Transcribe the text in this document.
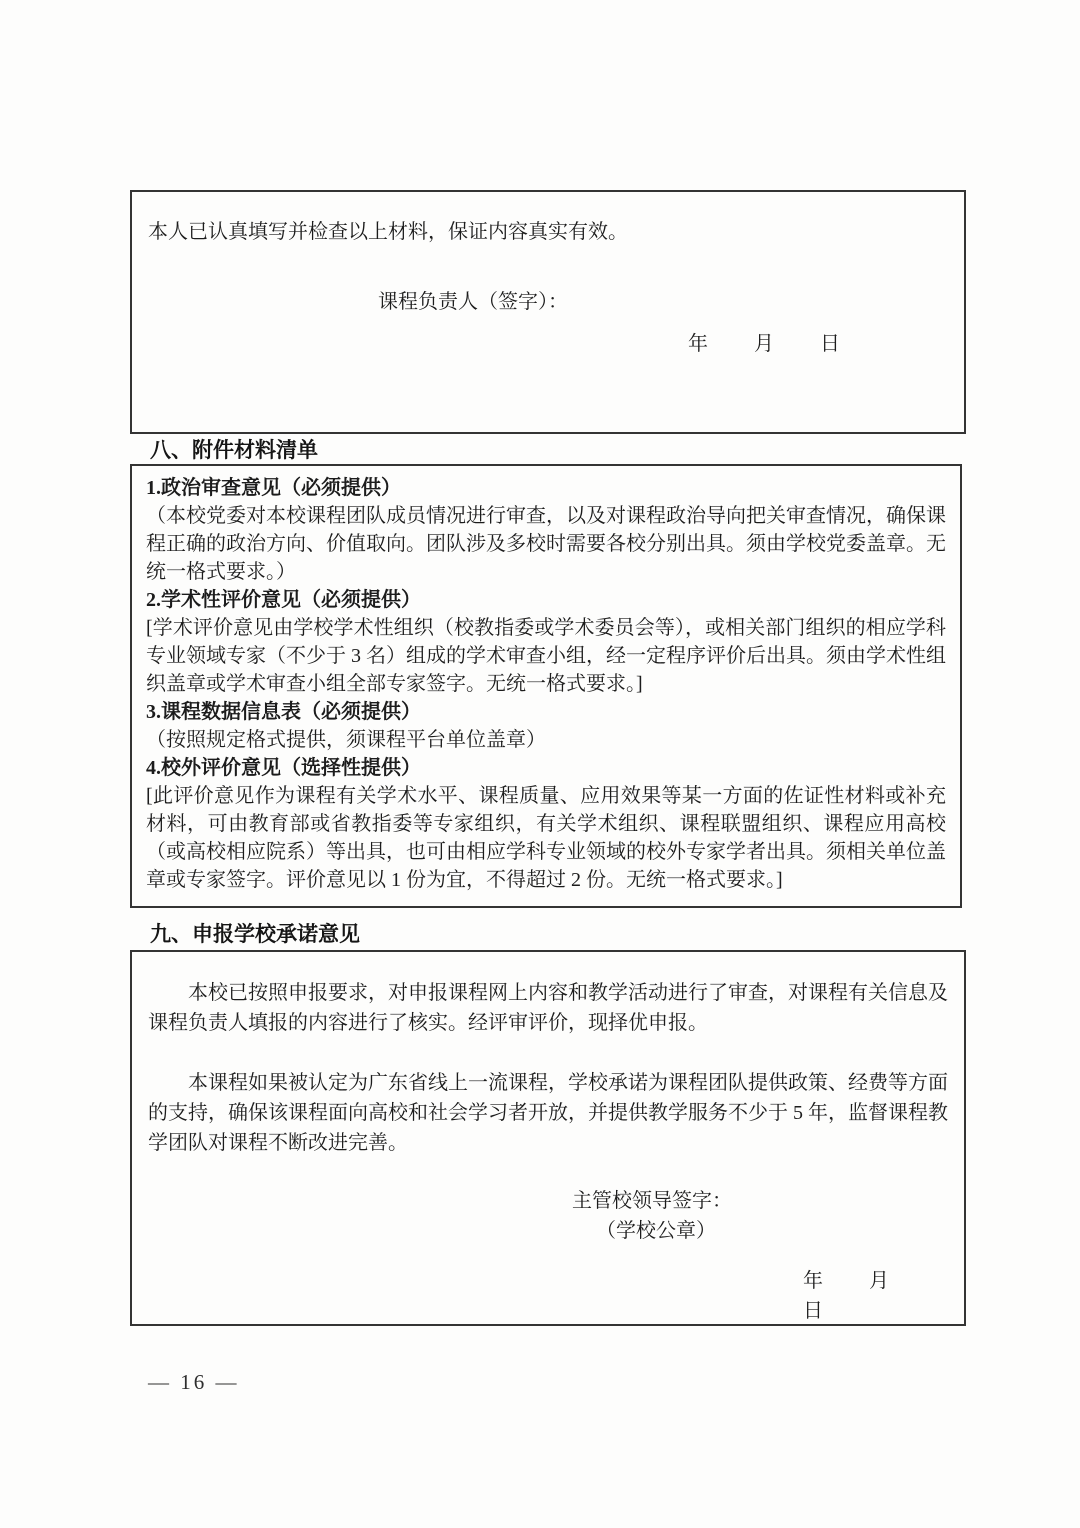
本人已认真填写并检查以上材料，保证内容真实有效。
课程负责人（签字）：
年　　月　　日
八、附件材料清单
1.政治审查意见（必须提供）
（本校党委对本校课程团队成员情况进行审查，以及对课程政治导向把关审查情况，确保课程正确的政治方向、价值取向。团队涉及多校时需要各校分别出具。须由学校党委盖章。无统一格式要求。）
2.学术性评价意见（必须提供）
[学术评价意见由学校学术性组织（校教指委或学术委员会等），或相关部门组织的相应学科专业领域专家（不少于 3 名）组成的学术审查小组，经一定程序评价后出具。须由学术性组织盖章或学术审查小组全部专家签字。无统一格式要求。]
3.课程数据信息表（必须提供）
（按照规定格式提供，须课程平台单位盖章）
4.校外评价意见（选择性提供）
[此评价意见作为课程有关学术水平、课程质量、应用效果等某一方面的佐证性材料或补充材料，可由教育部或省教指委等专家组织，有关学术组织、课程联盟组织、课程应用高校（或高校相应院系）等出具，也可由相应学科专业领域的校外专家学者出具。须相关单位盖章或专家签字。评价意见以 1 份为宜，不得超过 2 份。无统一格式要求。]
九、申报学校承诺意见

本校已按照申报要求，对申报课程网上内容和教学活动进行了审查，对课程有关信息及课程负责人填报的内容进行了核实。经评审评价，现择优申报。

本课程如果被认定为广东省线上一流课程，学校承诺为课程团队提供政策、经费等方面的支持，确保该课程面向高校和社会学习者开放，并提供教学服务不少于 5 年，监督课程教学团队对课程不断改进完善。

主管校领导签字：
（学校公章）
年　　月　　日
— 16 —
